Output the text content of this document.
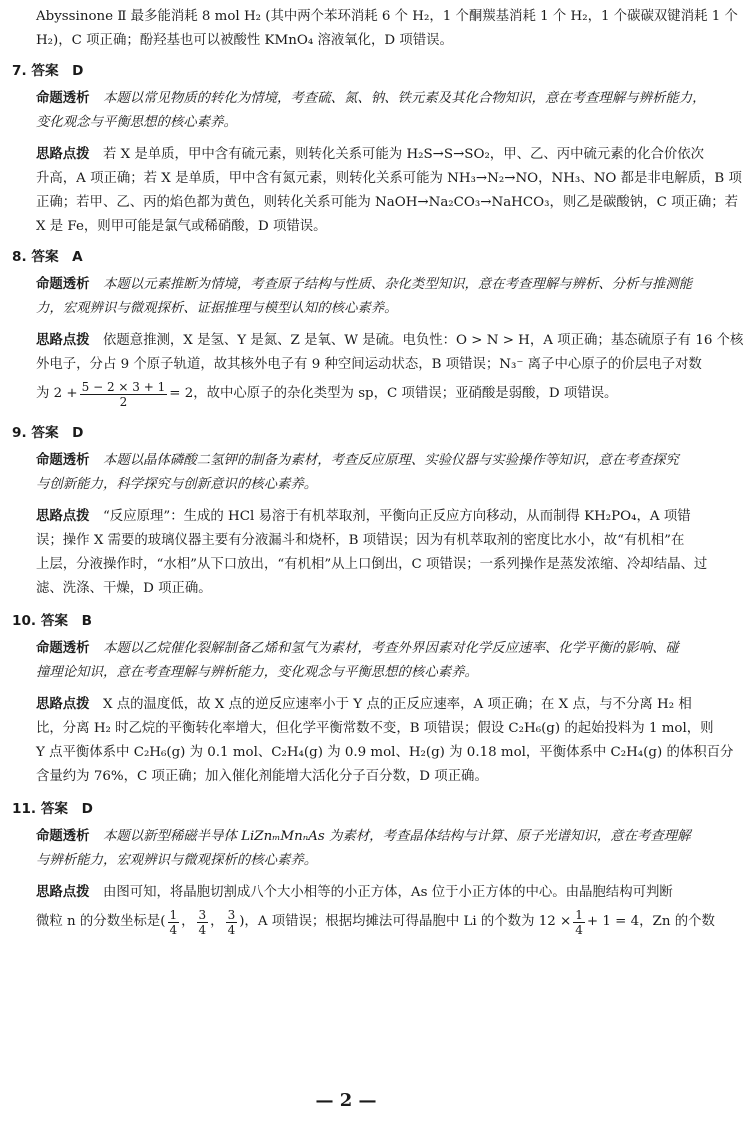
Abyssinone Ⅱ 最多能消耗 8 mol H₂ (其中两个苯环消耗 6 个 H₂，1 个酮羰基消耗 1 个 H₂，1 个碳碳双键消耗 1 个
H₂)，C 项正确；酚羟基也可以被酸性 KMnO₄ 溶液氧化，D 项错误。
7. 答案　D
命题透析　 本题以常见物质的转化为情境，考查硫、氮、钠、铁元素及其化合物知识，意在考查理解与辨析能力，
变化观念与平衡思想的核心素养。
思路点拨　 若 X 是单质，甲中含有硫元素，则转化关系可能为 H₂S→S→SO₂，甲、乙、丙中硫元素的化合价依次
升高，A 项正确；若 X 是单质，甲中含有氮元素，则转化关系可能为 NH₃→N₂→NO，NH₃、NO 都是非电解质，B 项
正确；若甲、乙、丙的焰色都为黄色，则转化关系可能为 NaOH→Na₂CO₃→NaHCO₃，则乙是碳酸钠，C 项正确；若
X 是 Fe，则甲可能是氯气或稀硝酸，D 项错误。
8. 答案　A
命题透析　 本题以元素推断为情境，考查原子结构与性质、杂化类型知识，意在考查理解与辨析、分析与推测能
力，宏观辨识与微观探析、证据推理与模型认知的核心素养。
思路点拨　 依题意推测，X 是氢、Y 是氮、Z 是氧、W 是硫。电负性：O > N > H，A 项正确；基态硫原子有 16 个核
外电子，分占 9 个原子轨道，故其核外电子有 9 种空间运动状态，B 项错误；N₃⁻ 离子中心原子的价层电子对数
为 $2 + \frac{5 - 2 \times 3 + 1}{2} = 2$，故中心原子的杂化类型为 sp，C 项错误；亚硝酸是弱酸，D 项错误。
9. 答案　D
命题透析　 本题以晶体磷酸二氢钾的制备为素材，考查反应原理、实验仪器与实验操作等知识，意在考查探究
与创新能力，科学探究与创新意识的核心素养。
思路点拨　 “反应原理”：生成的 HCl 易溶于有机萃取剂，平衡向正反应方向移动，从而制得 KH₂PO₄，A 项错
误；操作 X 需要的玻璃仪器主要有分液漏斗和烧杯，B 项错误；因为有机萃取剂的密度比水小，故“有机相”在
上层，分液操作时，“水相”从下口放出，“有机相”从上口倒出，C 项错误；一系列操作是蒸发浓缩、冷却结晶、过
滤、洗涤、干燥，D 项正确。
10. 答案　B
命题透析　 本题以乙烷催化裂解制备乙烯和氢气为素材，考查外界因素对化学反应速率、化学平衡的影响、碰
撞理论知识，意在考查理解与辨析能力，变化观念与平衡思想的核心素养。
思路点拨　 X 点的温度低，故 X 点的逆反应速率小于 Y 点的正反应速率，A 项正确；在 X 点，与不分离 H₂ 相
比，分离 H₂ 时乙烷的平衡转化率增大，但化学平衡常数不变，B 项错误；假设 C₂H₆(g) 的起始投料为 1 mol，则
Y 点平衡体系中 C₂H₆(g) 为 0.1 mol、C₂H₄(g) 为 0.9 mol、H₂(g) 为 0.18 mol，平衡体系中 C₂H₄(g) 的体积百分
含量约为 76%，C 项正确；加入催化剂能增大活化分子百分数，D 项正确。
11. 答案　D
命题透析　 本题以新型稀磁半导体 LiZnₘMnₙAs 为素材，考查晶体结构与计算、原子光谱知识，意在考查理解
与辨析能力，宏观辨识与微观探析的核心素养。
思路点拨　 由图可知，将晶胞切割成八个大小相等的小正方体，As 位于小正方体的中心。由晶胞结构可判断
微粒 n 的分数坐标是( $\frac{1}{4}$ ， $\frac{3}{4}$ ， $\frac{3}{4}$ )，A 项错误；根据均摊法可得晶胞中 Li 的个数为 $12 \times \frac{1}{4} + 1 = 4$，Zn 的个数
— 2 —
